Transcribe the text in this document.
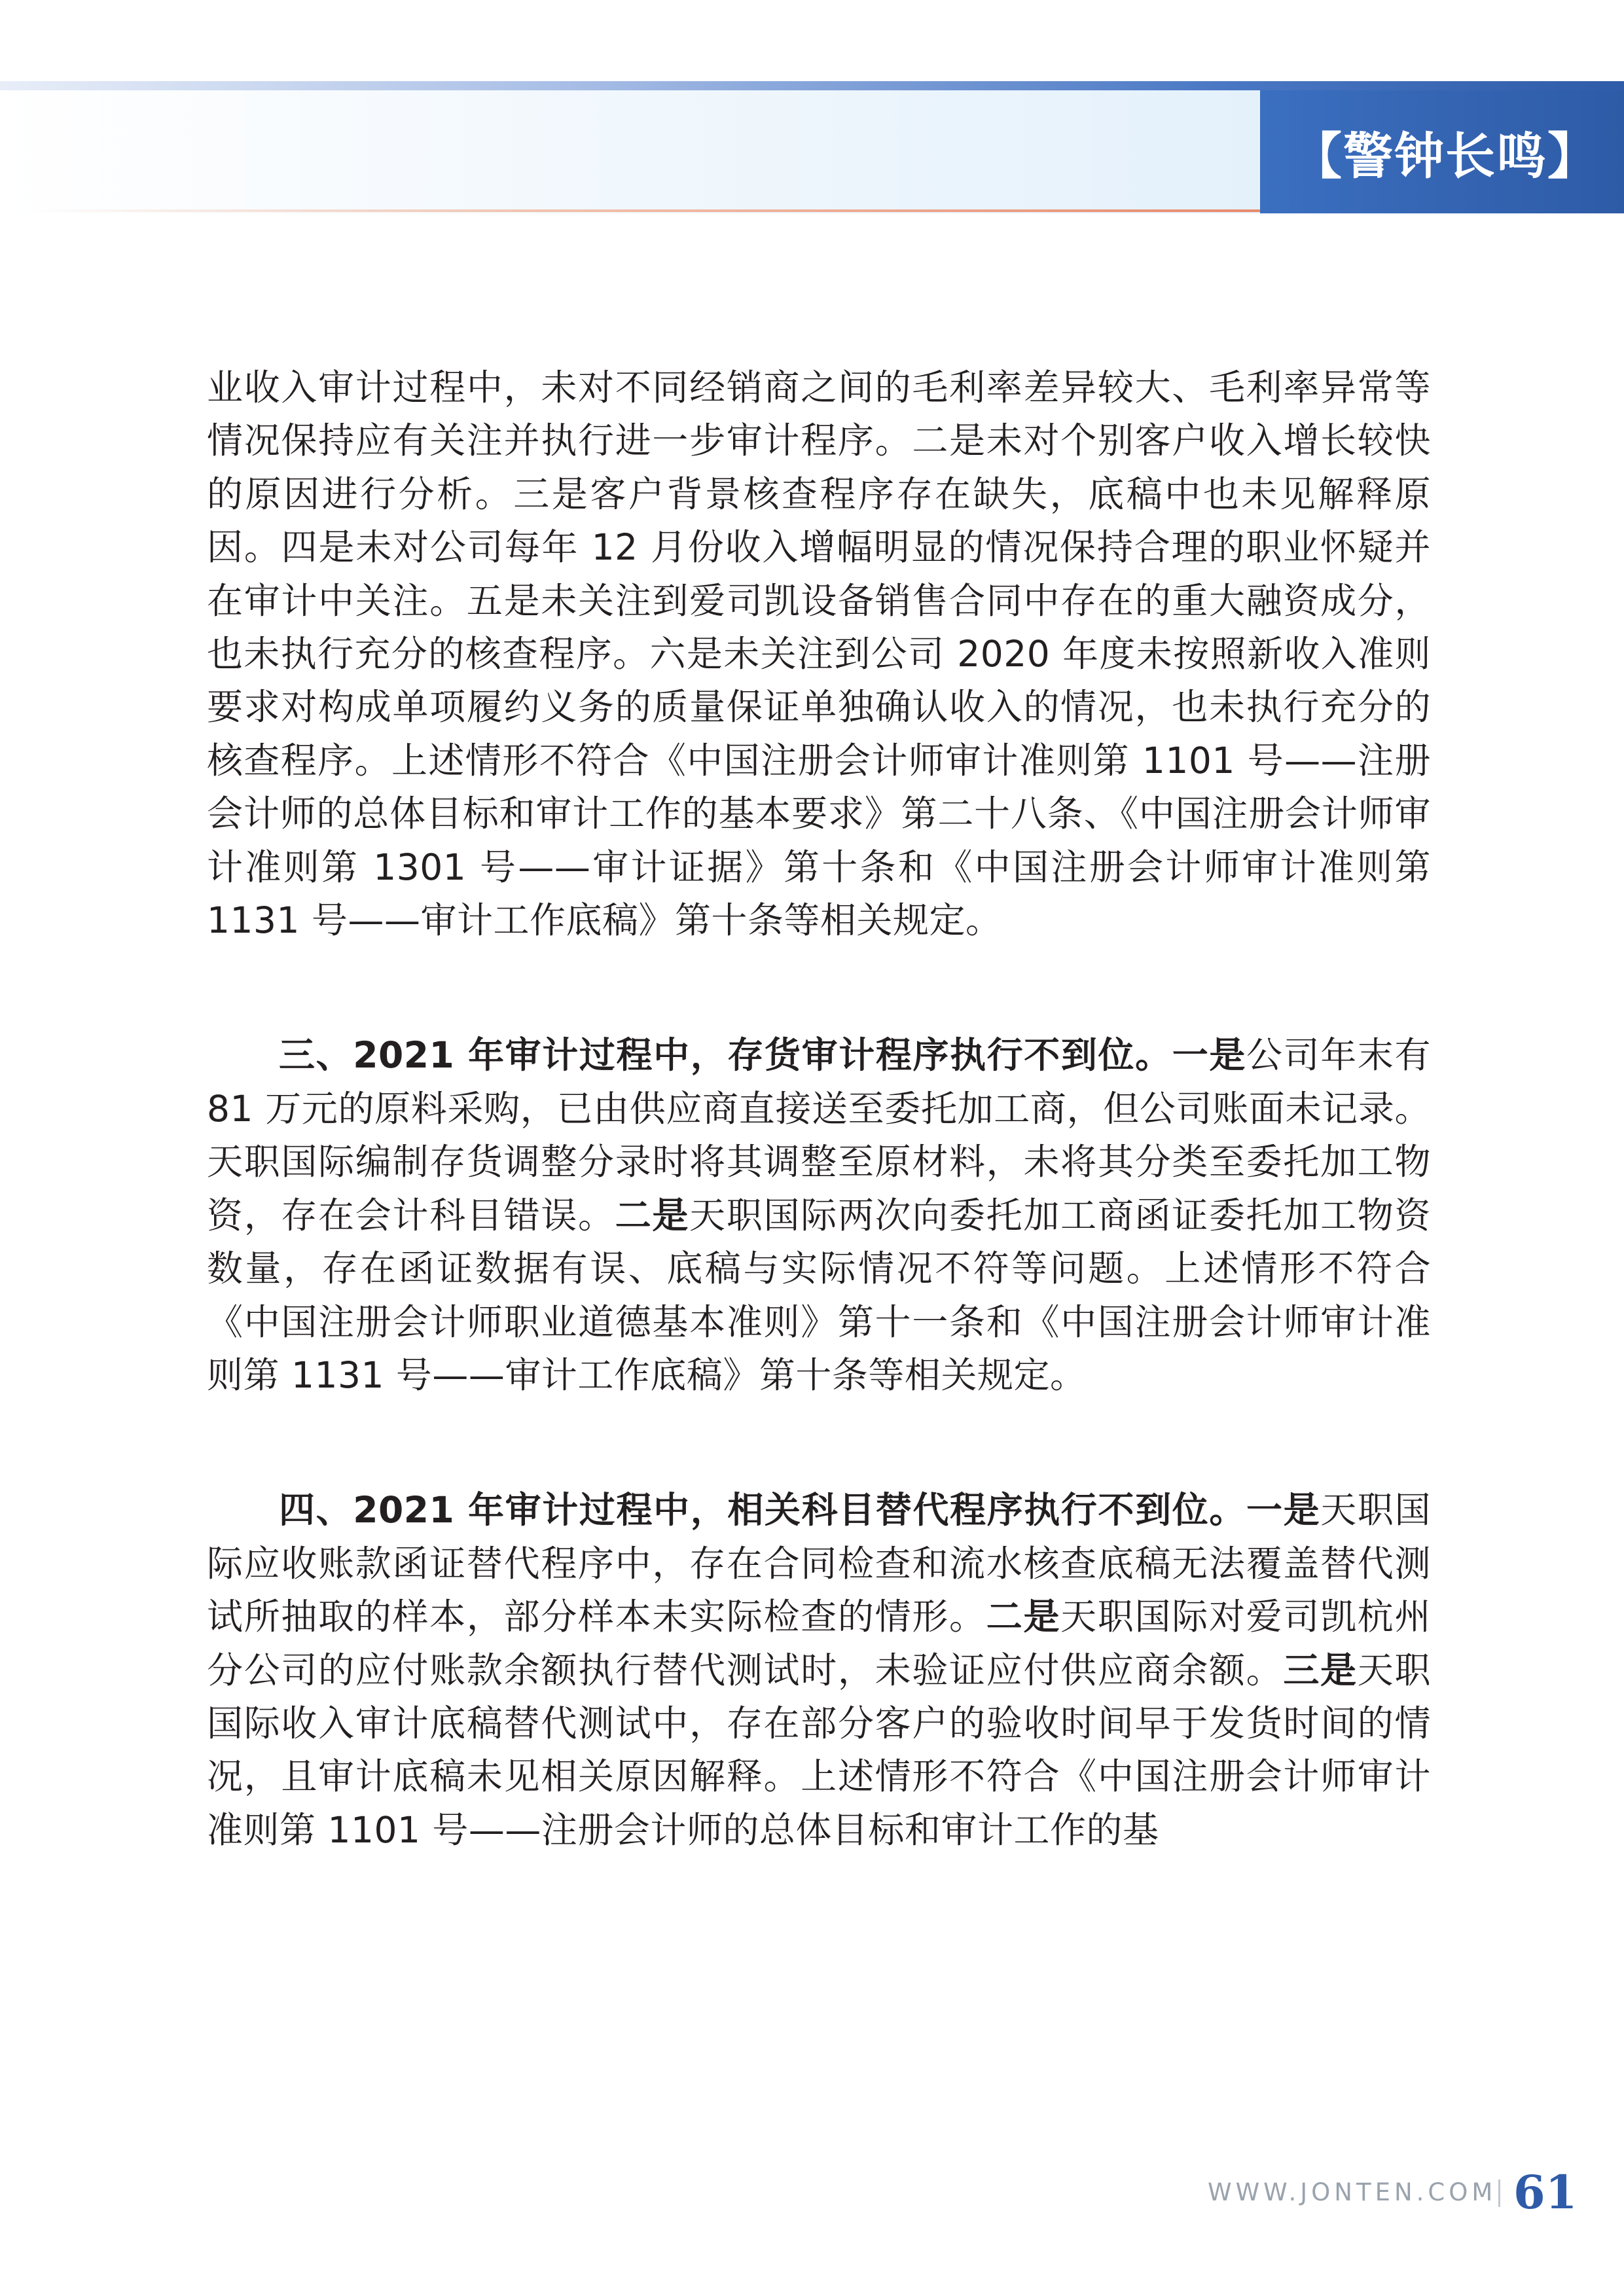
【警钟长鸣】

业收入审计过程中，未对不同经销商之间的毛利率差异较大、毛利率异常等情况保持应有关注并执行进一步审计程序。二是未对个别客户收入增长较快的原因进行分析。三是客户背景核查程序存在缺失，底稿中也未见解释原因。四是未对公司每年 12 月份收入增幅明显的情况保持合理的职业怀疑并在审计中关注。五是未关注到爱司凯设备销售合同中存在的重大融资成分，也未执行充分的核查程序。六是未关注到公司 2020 年度未按照新收入准则要求对构成单项履约义务的质量保证单独确认收入的情况，也未执行充分的核查程序。上述情形不符合《中国注册会计师审计准则第 1101 号——注册会计师的总体目标和审计工作的基本要求》第二十八条、《中国注册会计师审计准则第 1301 号——审计证据》第十条和《中国注册会计师审计准则第 1131 号——审计工作底稿》第十条等相关规定。

三、2021 年审计过程中，存货审计程序执行不到位。一是公司年末有 81 万元的原料采购，已由供应商直接送至委托加工商，但公司账面未记录。天职国际编制存货调整分录时将其调整至原材料，未将其分类至委托加工物资，存在会计科目错误。二是天职国际两次向委托加工商函证委托加工物资数量，存在函证数据有误、底稿与实际情况不符等问题。上述情形不符合《中国注册会计师职业道德基本准则》第十一条和《中国注册会计师审计准则第 1131 号——审计工作底稿》第十条等相关规定。

四、2021 年审计过程中，相关科目替代程序执行不到位。一是天职国际应收账款函证替代程序中，存在合同检查和流水核查底稿无法覆盖替代测试所抽取的样本，部分样本未实际检查的情形。二是天职国际对爱司凯杭州分公司的应付账款余额执行替代测试时，未验证应付供应商余额。三是天职国际收入审计底稿替代测试中，存在部分客户的验收时间早于发货时间的情况，且审计底稿未见相关原因解释。上述情形不符合《中国注册会计师审计准则第 1101 号——注册会计师的总体目标和审计工作的基

WWW.JONTEN.COM 61
